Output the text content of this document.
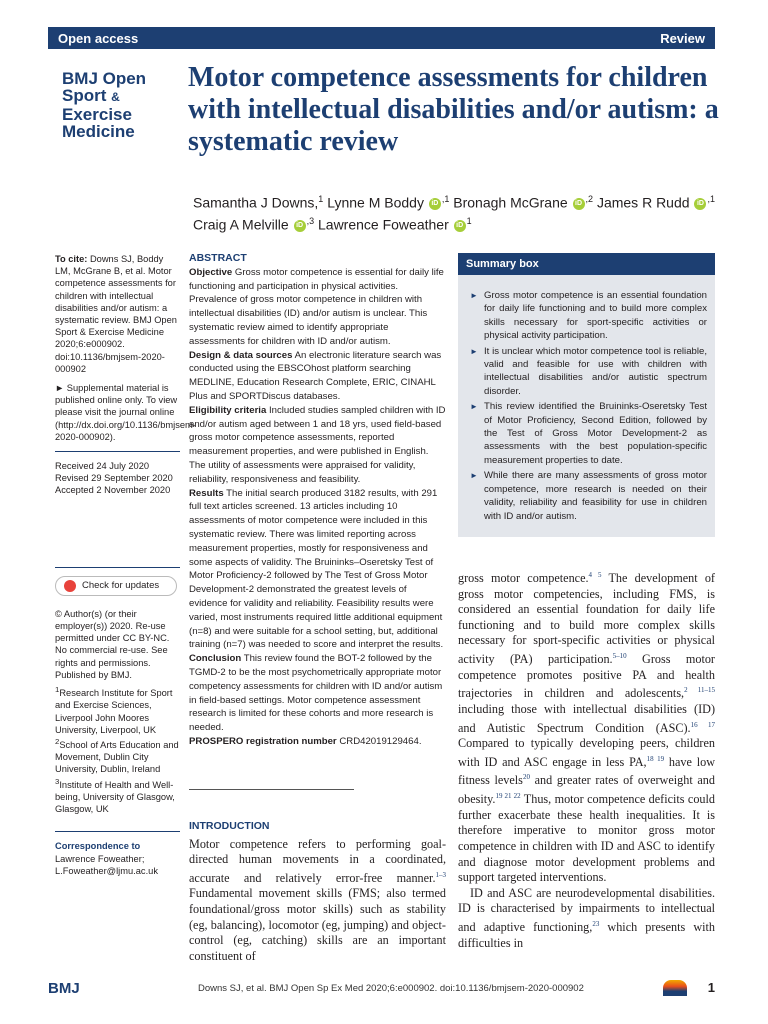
Open access	Review
BMJ Open
Sport &
Exercise
Medicine
Motor competence assessments for children with intellectual disabilities and/or autism: a systematic review
Samantha J Downs,$^1$ Lynne M Boddy iD $^{,1}$ Bronagh McGrane iD $^{,2}$ James R Rudd iD $^{,1}$
Craig A Melville iD $^{,3}$ Lawrence Foweather iD $^1$

To cite: Downs SJ, Boddy LM, McGrane B, et al. Motor competence assessments for children with intellectual disabilities and/or autism: a systematic review. BMJ Open Sport & Exercise Medicine 2020;6:e000902. doi:10.1136/bmjsem-2020-000902

► Supplemental material is published online only. To view please visit the journal online (http://dx.doi.org/10.1136/bmjsem-2020-000902).

Received 24 July 2020
Revised 29 September 2020
Accepted 2 November 2020
Check for updates

© Author(s) (or their employer(s)) 2020. Re-use permitted under CC BY-NC. No commercial re-use. See rights and permissions. Published by BMJ.

$^1$Research Institute for Sport and Exercise Sciences, Liverpool John Moores University, Liverpool, UK
$^2$School of Arts Education and Movement, Dublin City University, Dublin, Ireland
$^3$Institute of Health and Well-being, University of Glasgow, Glasgow, UK

Correspondence to
Lawrence Foweather;
L.Foweather@ljmu.ac.uk
ABSTRACT

Objective Gross motor competence is essential for daily life functioning and participation in physical activities. Prevalence of gross motor competence in children with intellectual disabilities (ID) and/or autism is unclear. This systematic review aimed to identify appropriate assessments for children with ID and/or autism.

Design & data sources An electronic literature search was conducted using the EBSCOhost platform searching MEDLINE, Education Research Complete, ERIC, CINAHL Plus and SPORTDiscus databases.

Eligibility criteria Included studies sampled children with ID and/or autism aged between 1 and 18 yrs, used field-based gross motor competence assessments, reported measurement properties, and were published in English. The utility of assessments were appraised for validity, reliability, responsiveness and feasibility.

Results The initial search produced 3182 results, with 291 full text articles screened. 13 articles including 10 assessments of motor competence were included in this systematic review. There was limited reporting across measurement properties, mostly for responsiveness and some aspects of validity. The Bruininks–Oseretsky Test of Motor Proficiency-2 followed by The Test of Gross Motor Development-2 demonstrated the greatest levels of evidence for validity and reliability. Feasibility results were varied, most instruments required little additional equipment (n=8) and were suitable for a school setting, but, additional training (n=7) was needed to score and interpret the results.

Conclusion This review found the BOT-2 followed by the TGMD-2 to be the most psychometrically appropriate motor competency assessments for children with ID and/or autism in field-based settings. Motor competence assessment research is limited for these cohorts and more research is needed.

PROSPERO registration number CRD42019129464.

INTRODUCTION

Motor competence refers to performing goal-directed human movements in a coordinated, accurate and relatively error-free manner.$^{1-3}$ Fundamental movement skills (FMS; also termed foundational/gross motor skills) such as stability (eg, balancing), locomotor (eg, jumping) and object-control (eg, catching) skills are an important constituent of

Summary box
► Gross motor competence is an essential foundation for daily life functioning and to build more complex skills necessary for sport-specific activities or physical activity participation.
► It is unclear which motor competence tool is reliable, valid and feasible for use with children with intellectual disabilities and/or autistic spectrum disorder.
► This review identified the Bruininks-Oseretsky Test of Motor Proficiency, Second Edition, followed by the Test of Gross Motor Development-2 as assessments with the best population-specific measurement properties to date.
► While there are many assessments of gross motor competence, more research is needed on their validity, reliability and feasibility for use in children with ID and/or autism.

gross motor competence.$^{4 5}$ The development of gross motor competencies, including FMS, is considered an essential foundation for daily life functioning and to build more complex skills necessary for sport-specific activities or physical activity (PA) participation.$^{5-10}$ Gross motor competence promotes positive PA and health trajectories in children and adolescents,$^{2 11-15}$ including those with intellectual disabilities (ID) and Autistic Spectrum Condition (ASC).$^{16 17}$ Compared to typically developing peers, children with ID and ASC engage in less PA,$^{18 19}$ have low fitness levels$^{20}$ and greater rates of overweight and obesity.$^{19 21 22}$ Thus, motor competence deficits could further exacerbate these health inequalities. It is therefore imperative to monitor gross motor competence in children with ID and ASC to identify and diagnose motor development problems and support targeted interventions.

ID and ASC are neurodevelopmental disabilities. ID is characterised by impairments to intellectual and adaptive functioning,$^{23}$ which presents with difficulties in

BMJ	Downs SJ, et al. BMJ Open Sp Ex Med 2020;6:e000902. doi:10.1136/bmjsem-2020-000902	1
